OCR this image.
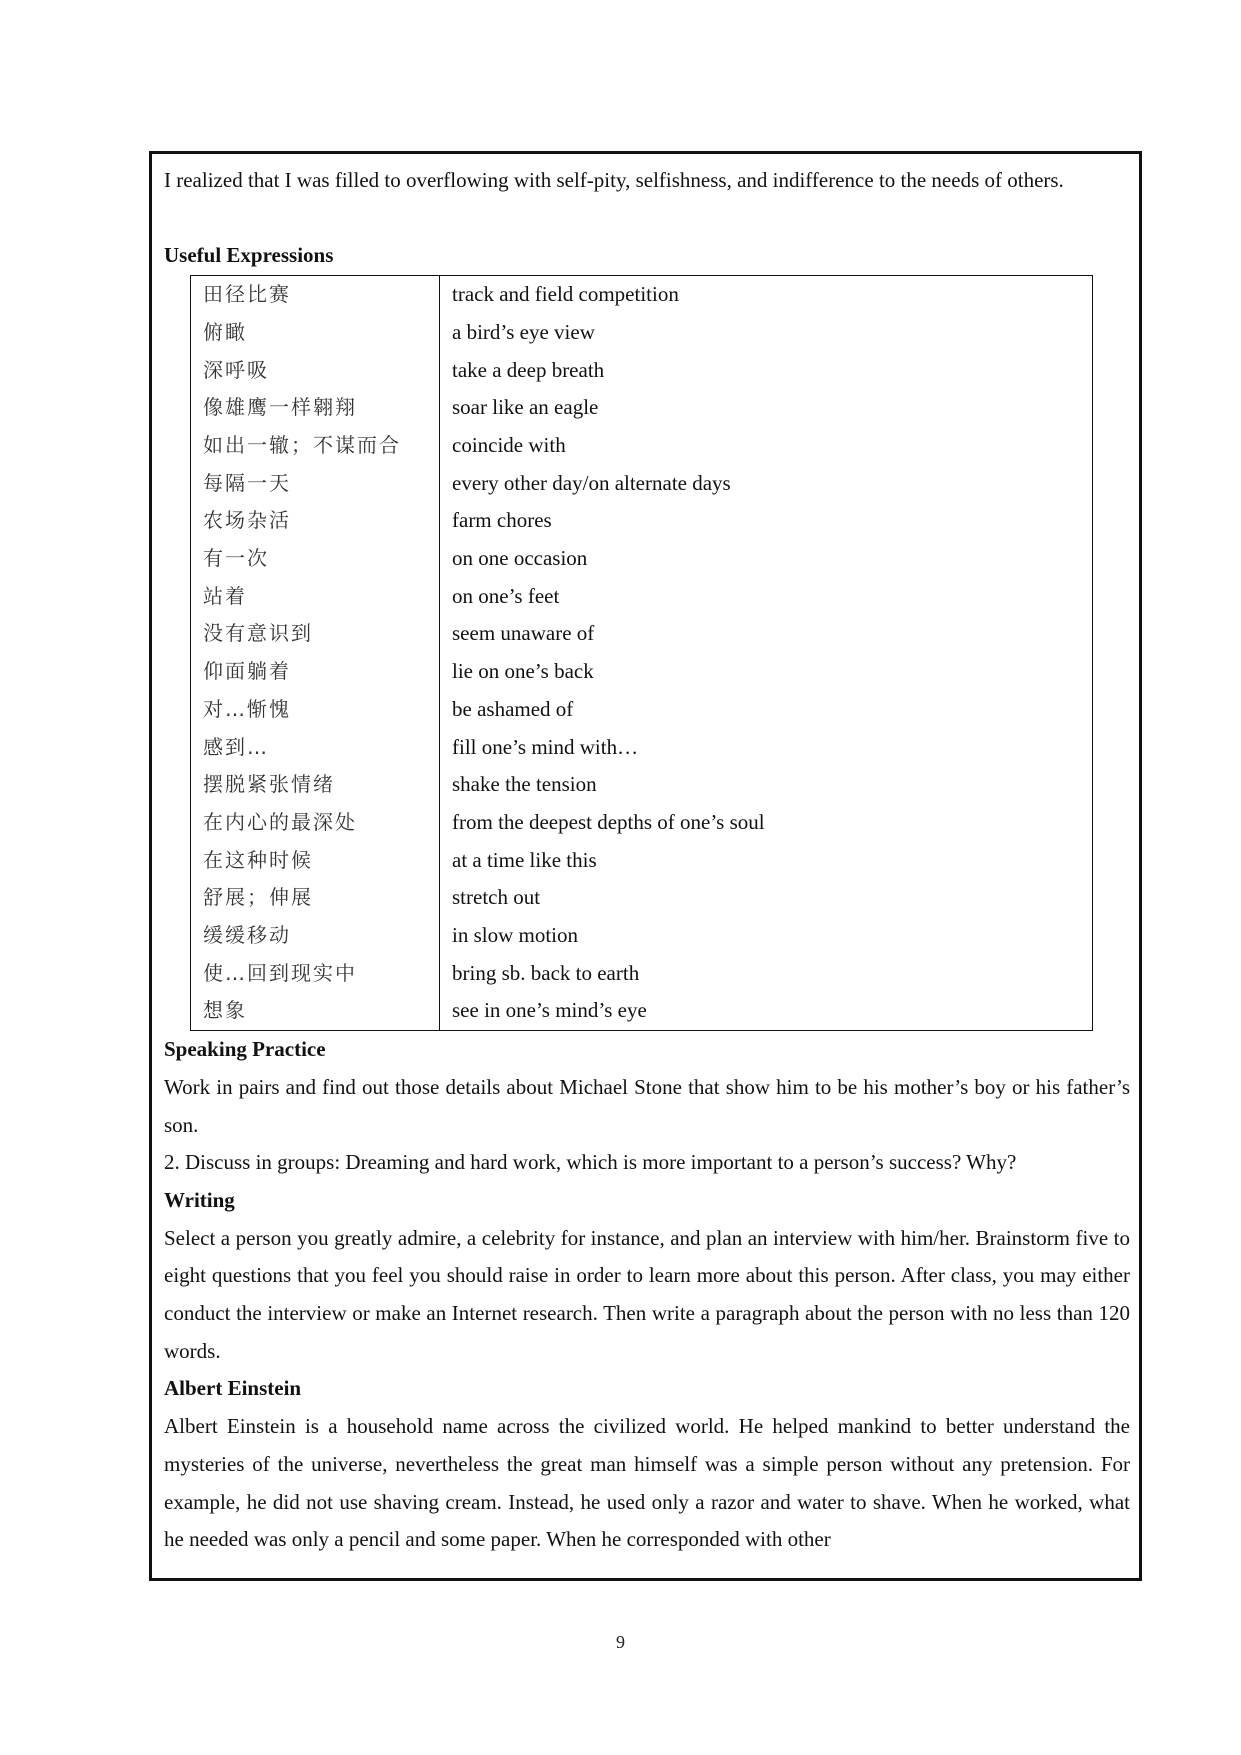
I realized that I was filled to overflowing with self-pity, selfishness, and indifference to the needs of others.

Useful Expressions

田径比赛	track and field competition
俯瞰	a bird’s eye view
深呼吸	take a deep breath
像雄鹰一样翱翔	soar like an eagle
如出一辙；不谋而合	coincide with
每隔一天	every other day/on alternate days
农场杂活	farm chores
有一次	on one occasion
站着	on one’s feet
没有意识到	seem unaware of
仰面躺着	lie on one’s back
对…惭愧	be ashamed of
感到…	fill one’s mind with…
摆脱紧张情绪	shake the tension
在内心的最深处	from the deepest depths of one’s soul
在这种时候	at a time like this
舒展；伸展	stretch out
缓缓移动	in slow motion
使…回到现实中	bring sb. back to earth
想象	see in one’s mind’s eye

Speaking Practice

Work in pairs and find out those details about Michael Stone that show him to be his mother’s boy or his father’s son.

2. Discuss in groups: Dreaming and hard work, which is more important to a person’s success? Why?

Writing

Select a person you greatly admire, a celebrity for instance, and plan an interview with him/her. Brainstorm five to eight questions that you feel you should raise in order to learn more about this person. After class, you may either conduct the interview or make an Internet research. Then write a paragraph about the person with no less than 120 words.

Albert Einstein

Albert Einstein is a household name across the civilized world. He helped mankind to better understand the mysteries of the universe, nevertheless the great man himself was a simple person without any pretension. For example, he did not use shaving cream. Instead, he used only a razor and water to shave. When he worked, what he needed was only a pencil and some paper. When he corresponded with other

9
